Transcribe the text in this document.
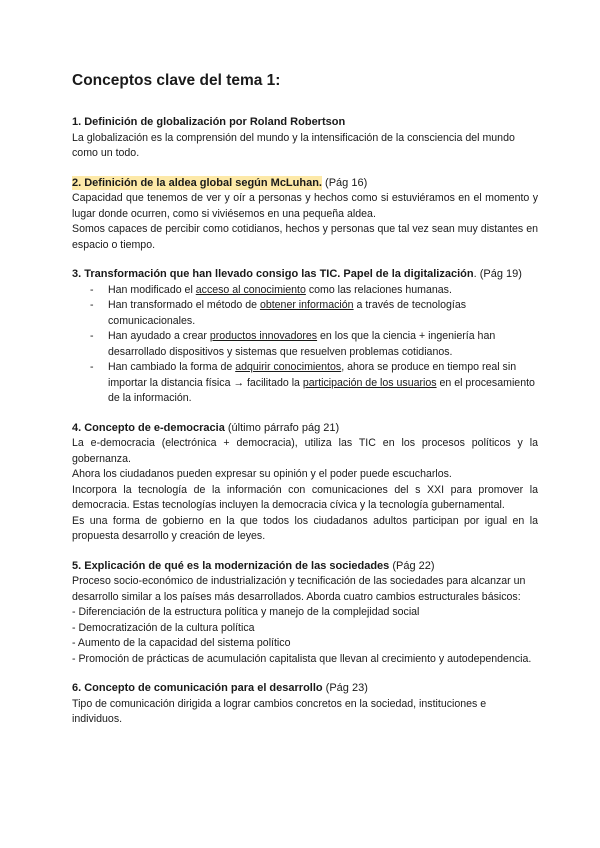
Conceptos clave del tema 1:
1. Definición de globalización por Roland Robertson

La globalización es la comprensión del mundo y la intensificación de la consciencia del mundo como un todo.

2. Definición de la aldea global según McLuhan. (Pág 16)

Capacidad que tenemos de ver y oír a personas y hechos como si estuviéramos en el momento y lugar donde ocurren, como si viviésemos en una pequeña aldea.

Somos capaces de percibir como cotidianos, hechos y personas que tal vez sean muy distantes en espacio o tiempo.

3. Transformación que han llevado consigo las TIC. Papel de la digitalización. (Pág 19)
- Han modificado el acceso al conocimiento como las relaciones humanas.
- Han transformado el método de obtener información a través de tecnologías comunicacionales.
- Han ayudado a crear productos innovadores en los que la ciencia + ingeniería han desarrollado dispositivos y sistemas que resuelven problemas cotidianos.
- Han cambiado la forma de adquirir conocimientos, ahora se produce en tiempo real sin importar la distancia física → facilitado la participación de los usuarios en el procesamiento de la información.
4. Concepto de e-democracia (último párrafo pág 21)

La e-democracia (electrónica + democracia), utiliza las TIC en los procesos políticos y la gobernanza.

Ahora los ciudadanos pueden expresar su opinión y el poder puede escucharlos.

Incorpora la tecnología de la información con comunicaciones del s XXI para promover la democracia. Estas tecnologías incluyen la democracia cívica y la tecnología gubernamental.

Es una forma de gobierno en la que todos los ciudadanos adultos participan por igual en la propuesta desarrollo y creación de leyes.

5. Explicación de qué es la modernización de las sociedades (Pág 22)

Proceso socio-económico de industrialización y tecnificación de las sociedades para alcanzar un desarrollo similar a los países más desarrollados. Aborda cuatro cambios estructurales básicos:

- Diferenciación de la estructura política y manejo de la complejidad social

- Democratización de la cultura política

- Aumento de la capacidad del sistema político

- Promoción de prácticas de acumulación capitalista que llevan al crecimiento y autodependencia.

6. Concepto de comunicación para el desarrollo (Pág 23)

Tipo de comunicación dirigida a lograr cambios concretos en la sociedad, instituciones e individuos.
